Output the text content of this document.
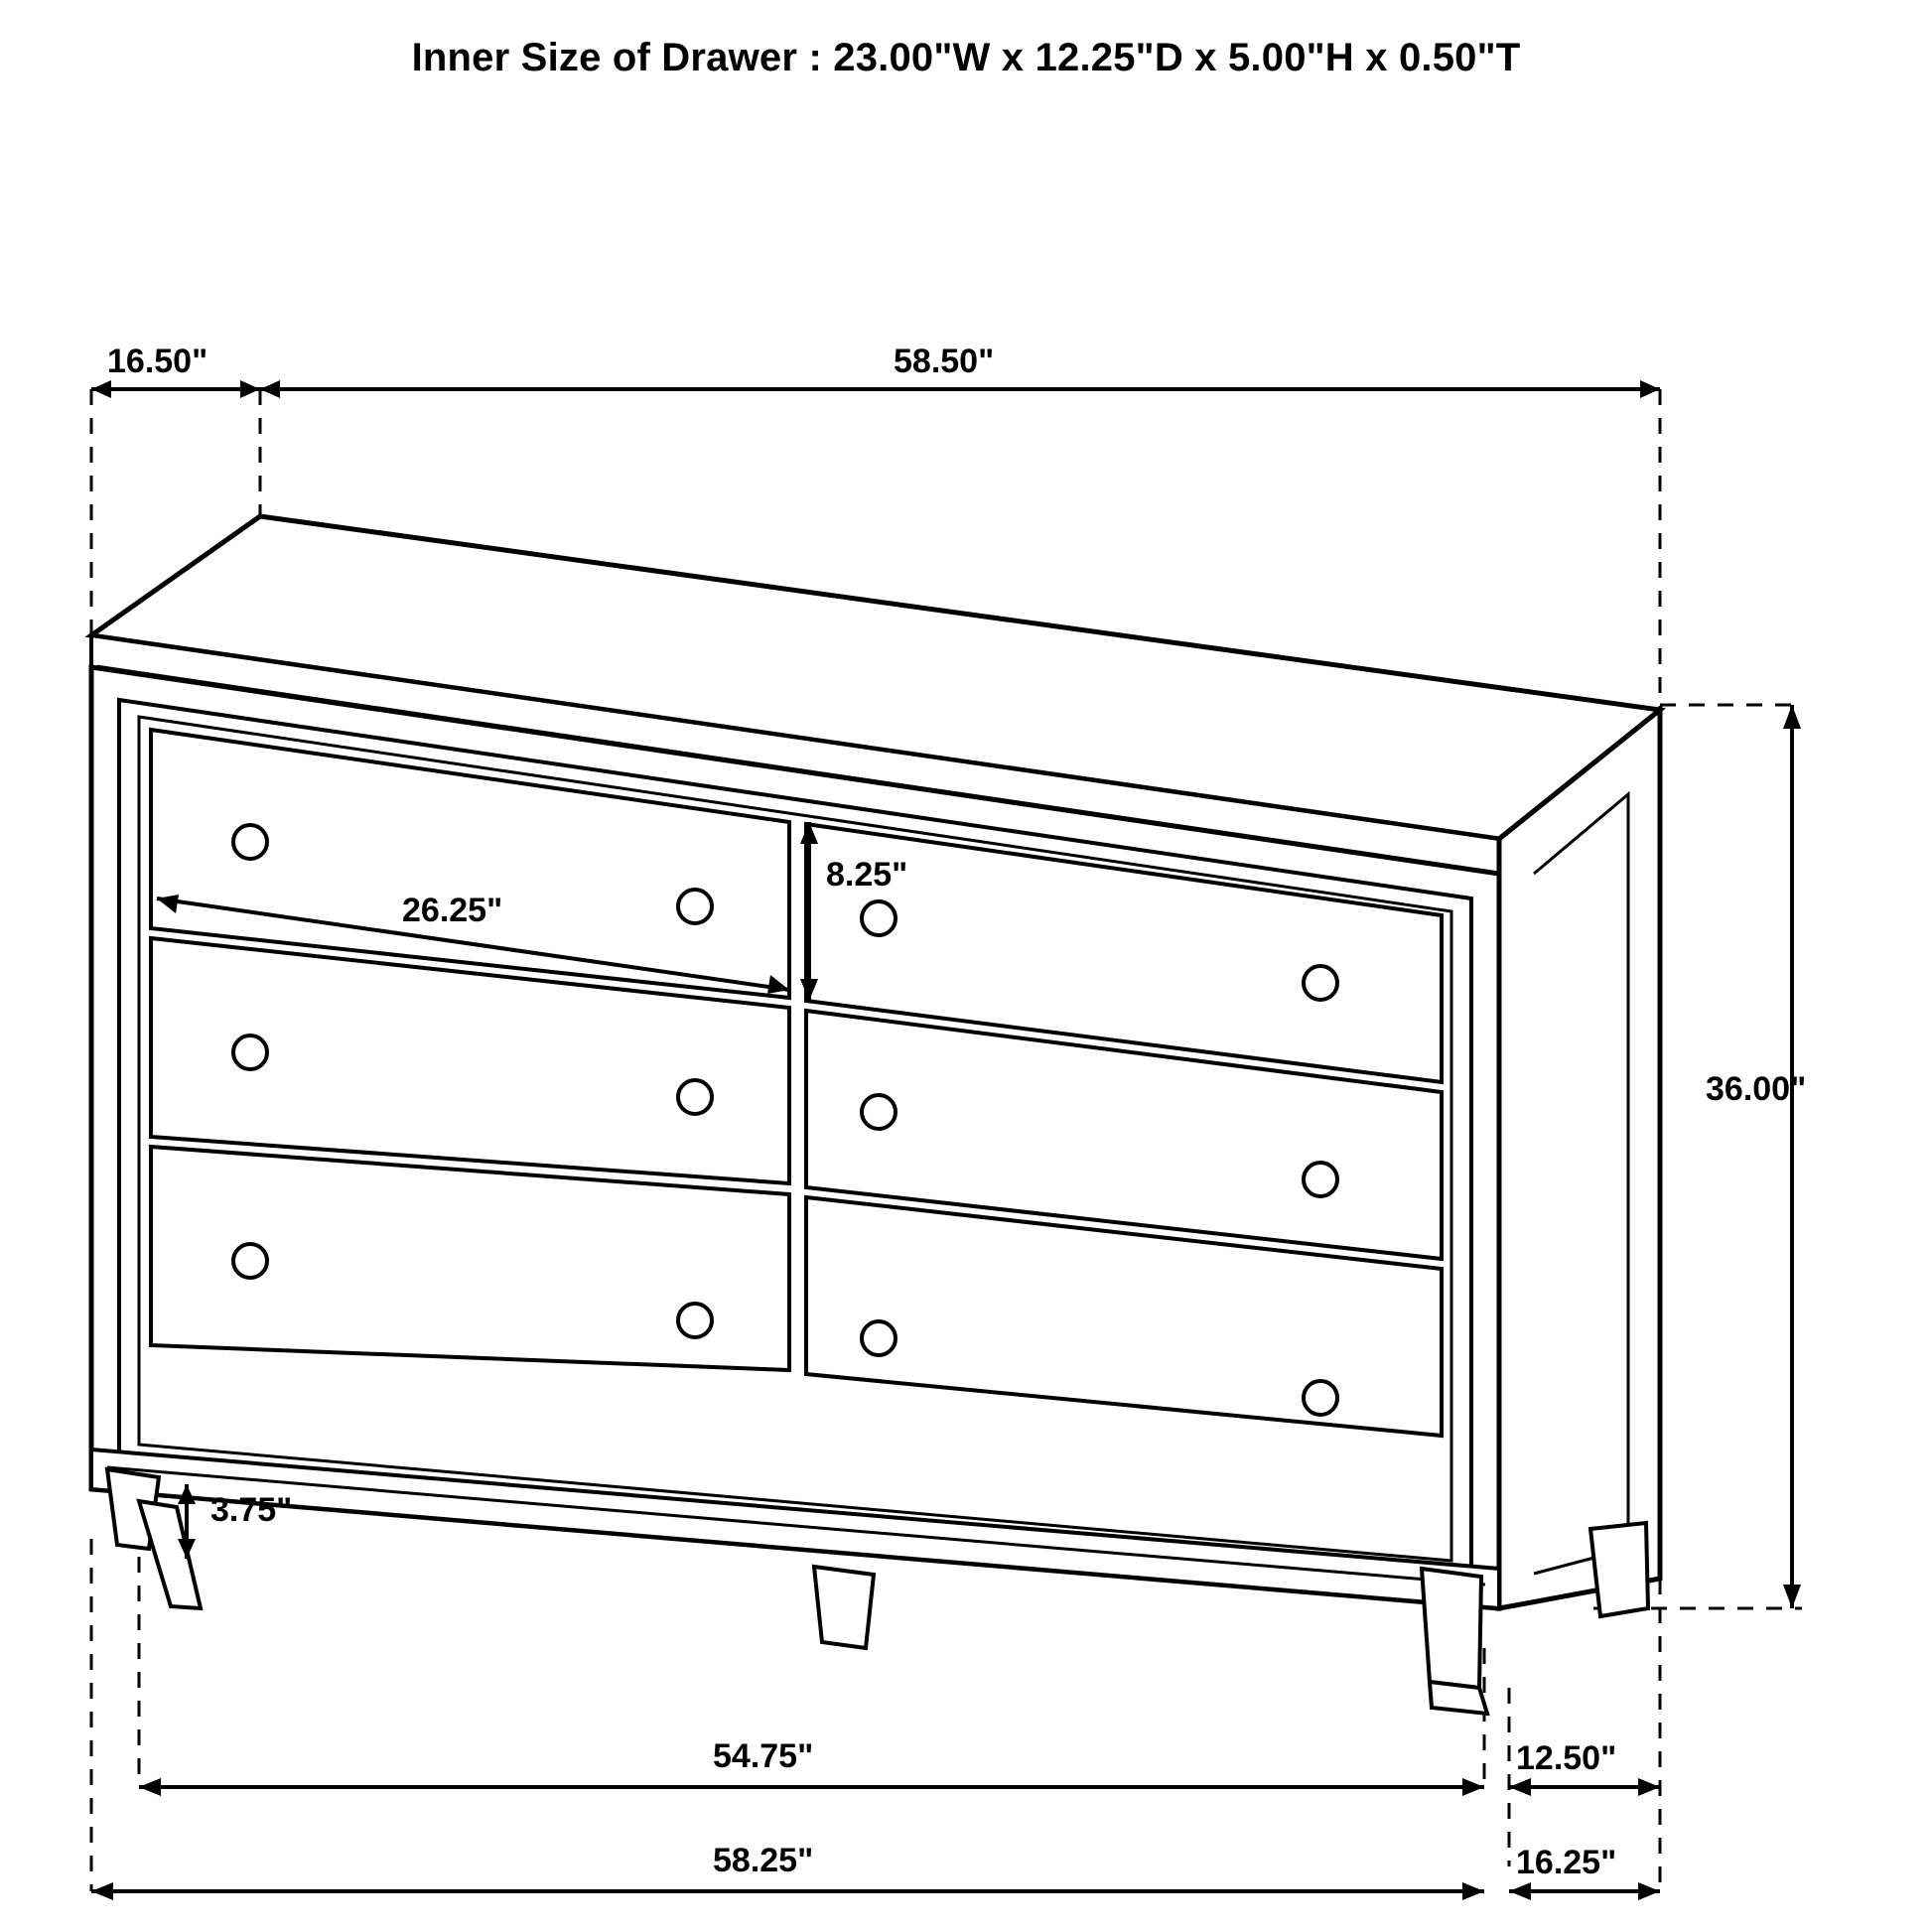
Inner Size of Drawer : 23.00"W x 12.25"D x 5.00"H x 0.50"T
16.50"	58.50"
26.25"
8.25"
36.00"
3.75"
54.75"	12.50"
58.25"	16.25"
